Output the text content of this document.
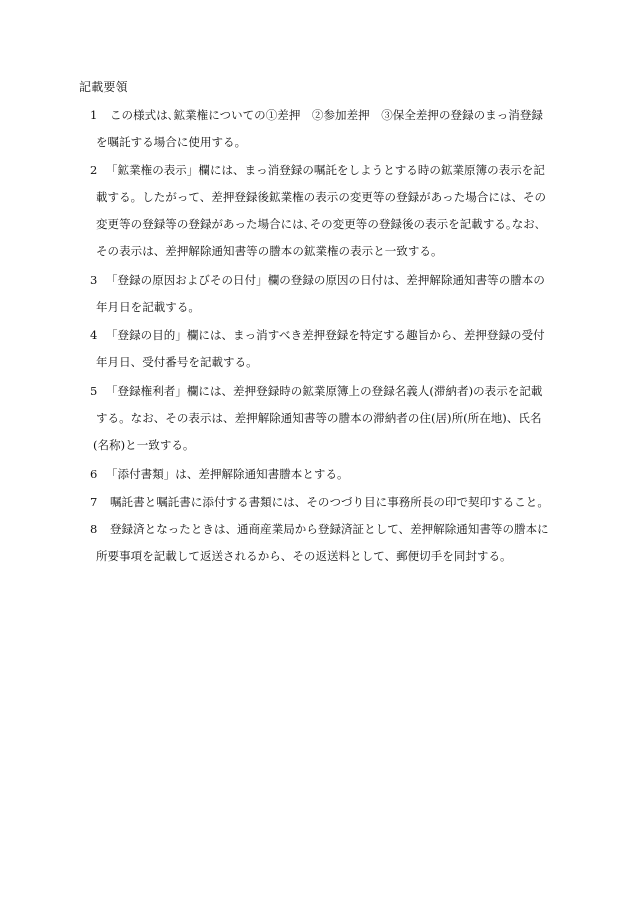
記載要領
1	この様式は､鉱業権についての①差押　②参加差押　③保全差押の登録のまっ消登録
を嘱託する場合に使用する。
2 「鉱業権の表示」欄には、まっ消登録の嘱託をしようとする時の鉱業原簿の表示を記
載する。したがって、差押登録後鉱業権の表示の変更等の登録があった場合には、その
変更等の登録等の登録があった場合には､その変更等の登録後の表示を記載する｡なお､
その表示は、差押解除通知書等の謄本の鉱業権の表示と一致する。
3 「登録の原因およびその日付」欄の登録の原因の日付は、差押解除通知書等の謄本の
年月日を記載する。
4 「登録の目的」欄には、まっ消すべき差押登録を特定する趣旨から、差押登録の受付
年月日、受付番号を記載する。
5 「登録権利者」欄には、差押登録時の鉱業原簿上の登録名義人(滞納者)の表示を記載
する。なお、その表示は、差押解除通知書等の謄本の滞納者の住(居)所(所在地)、氏名
(名称)と一致する。
6 「添付書類」は、差押解除通知書謄本とする。
7	嘱託書と嘱託書に添付する書類には、そのつづり目に事務所長の印で契印すること。
8	登録済となったときは、通商産業局から登録済証として、差押解除通知書等の謄本に
所要事項を記載して返送されるから、その返送料として、郵便切手を同封する。
